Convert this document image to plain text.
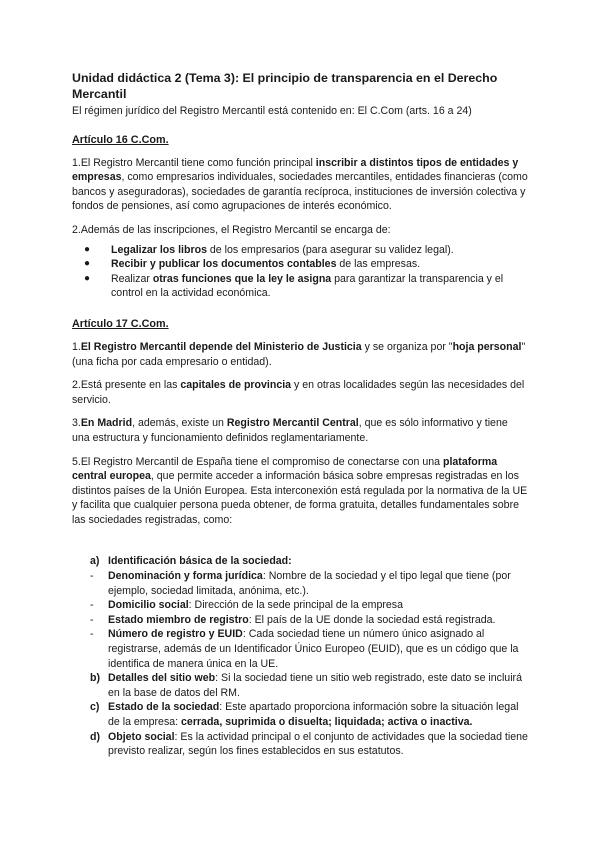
Unidad didáctica 2 (Tema 3): El principio de transparencia en el Derecho Mercantil

El régimen jurídico del Registro Mercantil está contenido en: El C.Com (arts. 16 a 24)

Artículo 16 C.Com.

1.El Registro Mercantil tiene como función principal inscribir a distintos tipos de entidades y empresas, como empresarios individuales, sociedades mercantiles, entidades financieras (como bancos y aseguradoras), sociedades de garantía recíproca, instituciones de inversión colectiva y fondos de pensiones, así como agrupaciones de interés económico.

2.Además de las inscripciones, el Registro Mercantil se encarga de:

● Legalizar los libros de los empresarios (para asegurar su validez legal).
● Recibir y publicar los documentos contables de las empresas.
● Realizar otras funciones que la ley le asigna para garantizar la transparencia y el control en la actividad económica.
Artículo 17 C.Com.

1.El Registro Mercantil depende del Ministerio de Justicia y se organiza por "hoja personal" (una ficha por cada empresario o entidad).

2.Está presente en las capitales de provincia y en otras localidades según las necesidades del servicio.

3.En Madrid, además, existe un Registro Mercantil Central, que es sólo informativo y tiene una estructura y funcionamiento definidos reglamentariamente.

5.El Registro Mercantil de España tiene el compromiso de conectarse con una plataforma central europea, que permite acceder a información básica sobre empresas registradas en los distintos países de la Unión Europea. Esta interconexión está regulada por la normativa de la UE y facilita que cualquier persona pueda obtener, de forma gratuita, detalles fundamentales sobre las sociedades registradas, como:

a) Identificación básica de la sociedad:
- Denominación y forma jurídica: Nombre de la sociedad y el tipo legal que tiene (por ejemplo, sociedad limitada, anónima, etc.).
- Domicilio social: Dirección de la sede principal de la empresa
- Estado miembro de registro: El país de la UE donde la sociedad está registrada.
- Número de registro y EUID: Cada sociedad tiene un número único asignado al registrarse, además de un Identificador Único Europeo (EUID), que es un código que la identifica de manera única en la UE.
b) Detalles del sitio web: Si la sociedad tiene un sitio web registrado, este dato se incluirá en la base de datos del RM.
c) Estado de la sociedad: Este apartado proporciona información sobre la situación legal de la empresa: cerrada, suprimida o disuelta; liquidada; activa o inactiva.
d) Objeto social: Es la actividad principal o el conjunto de actividades que la sociedad tiene previsto realizar, según los fines establecidos en sus estatutos.
